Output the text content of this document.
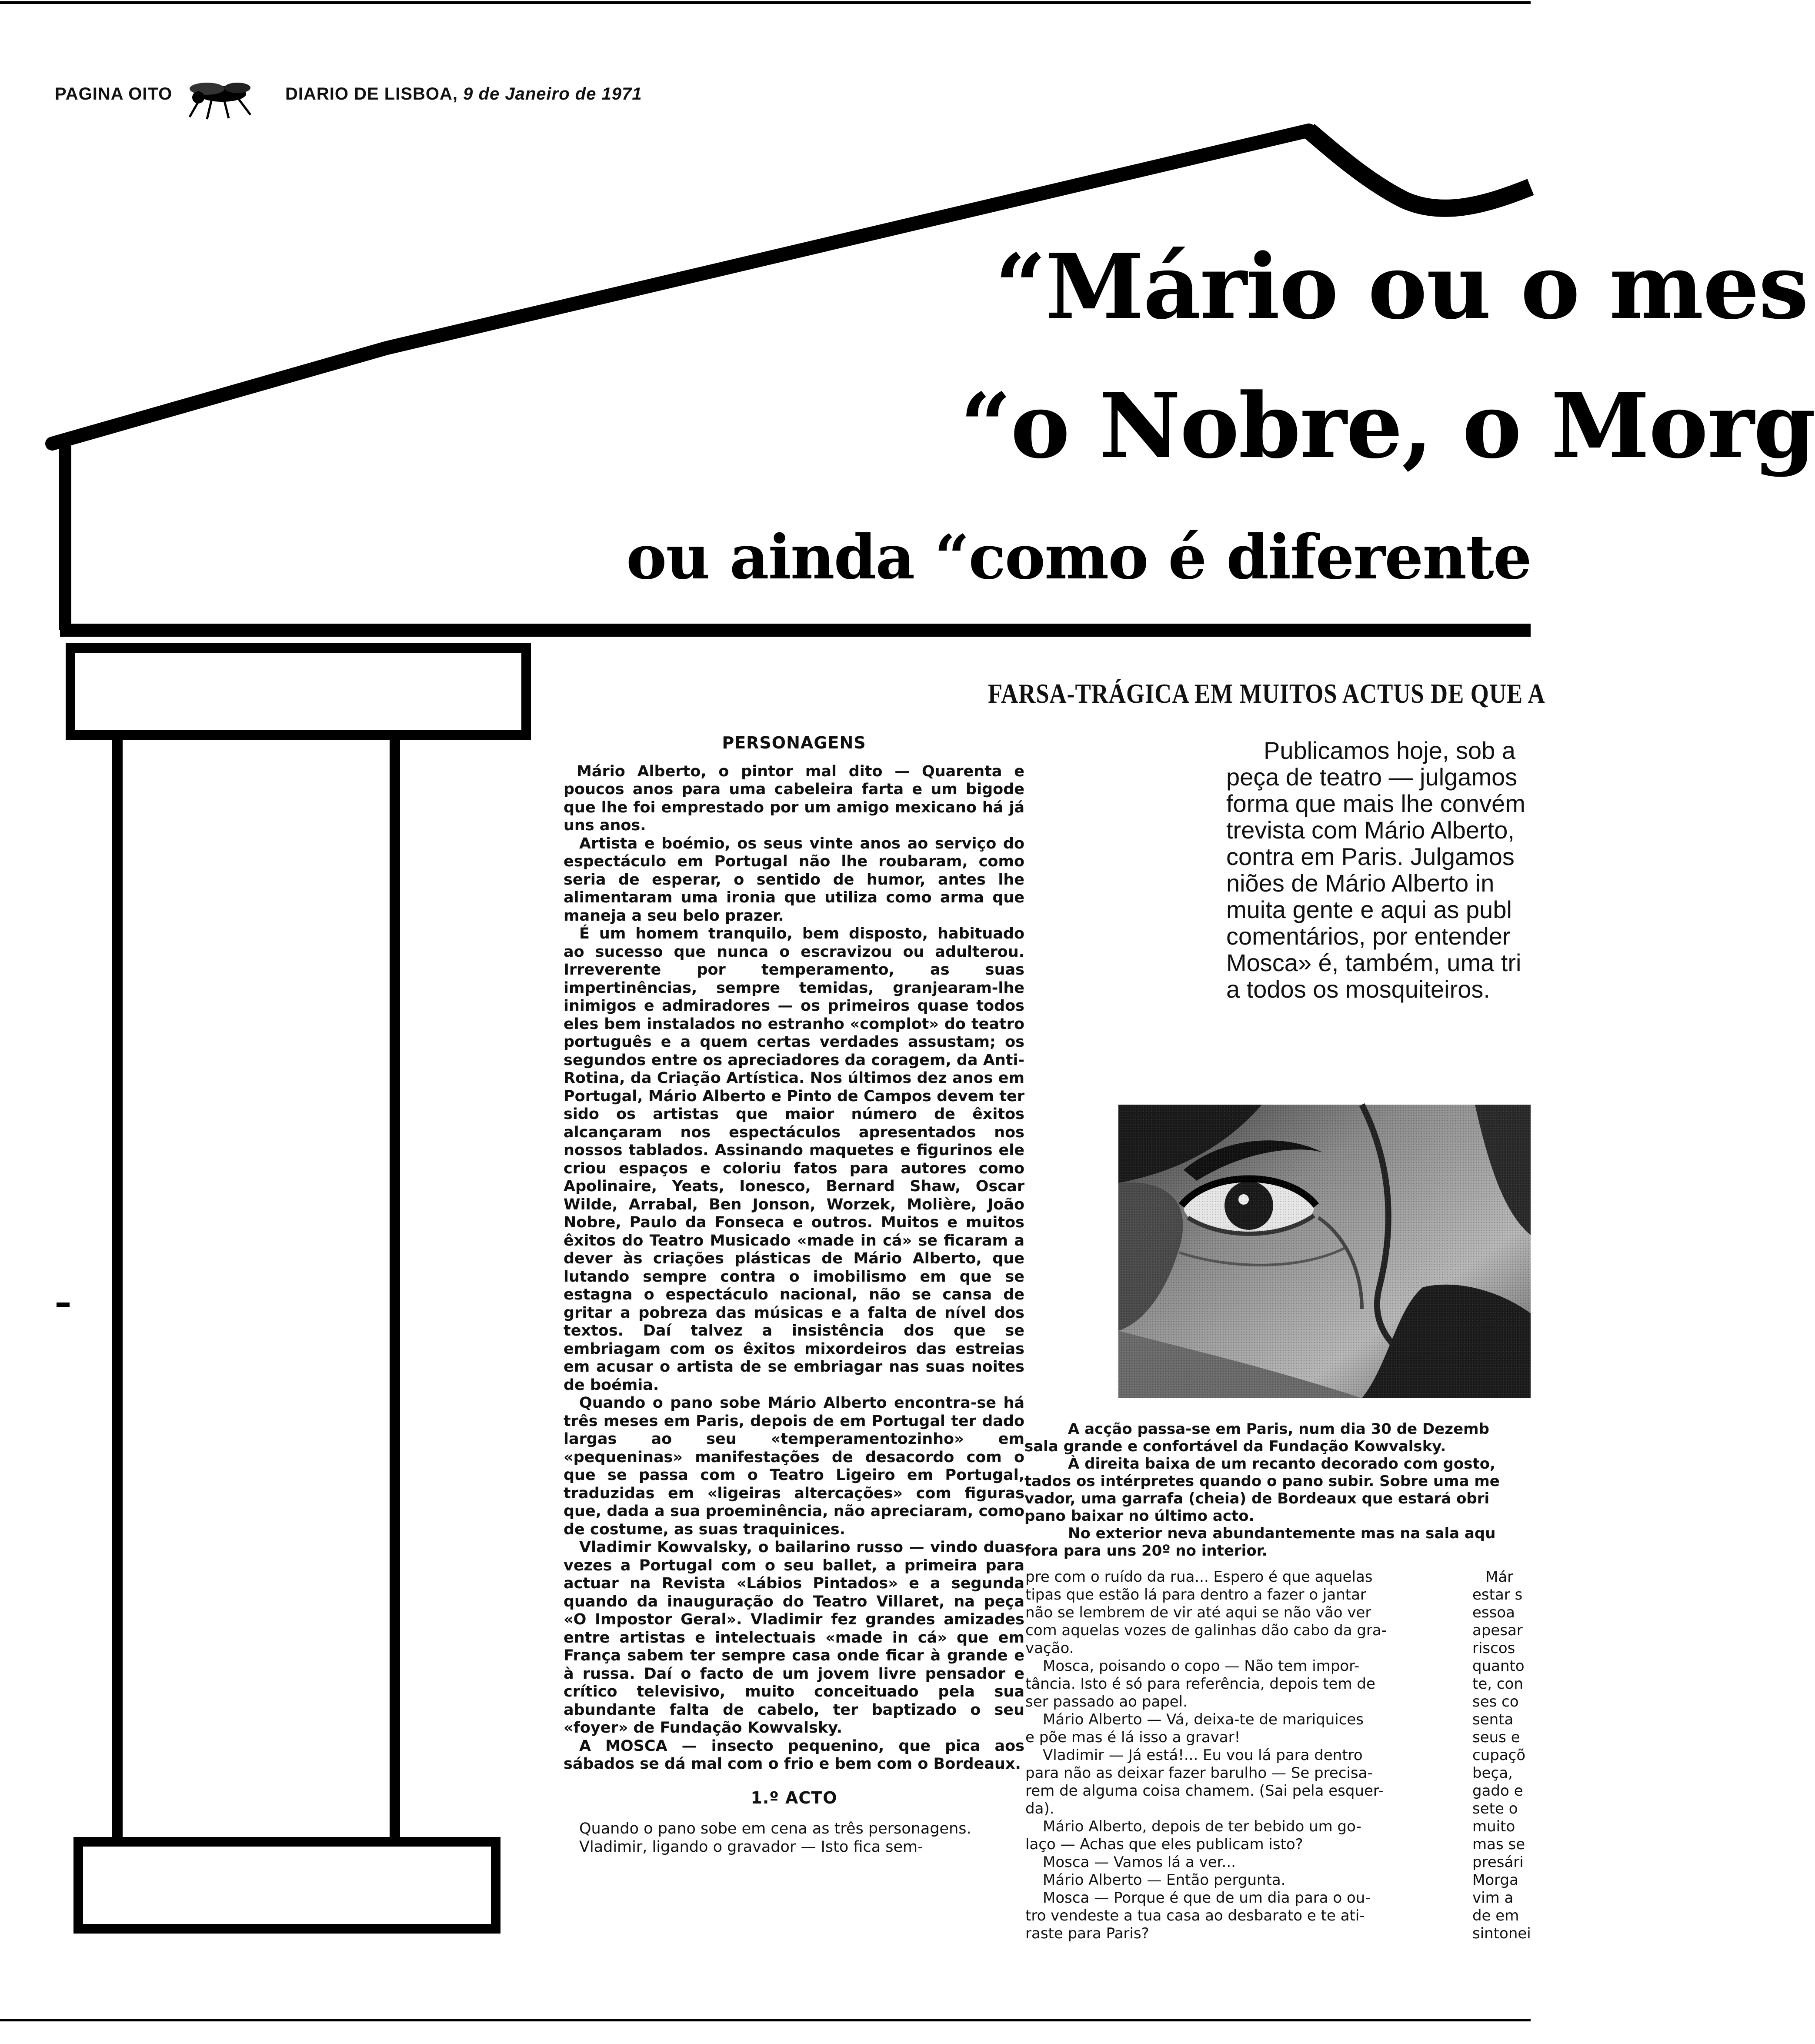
PAGINA OITO	DIARIO DE LISBOA, 9 de Janeiro de 1971
“Mário ou o mes
“o Nobre, o Morg
ou ainda “como é diferente
FARSA-TRÁGICA EM MUITOS ACTUS DE QUE A
PERSONAGENS

Mário Alberto, o pintor mal dito — Quarenta e poucos anos para uma cabeleira farta e um bigode que lhe foi emprestado por um amigo mexicano há já uns anos.

Artista e boémio, os seus vinte anos ao serviço do espectáculo em Portugal não lhe roubaram, como seria de esperar, o sentido de humor, antes lhe alimentaram uma ironia que utiliza como arma que maneja a seu belo prazer.

É um homem tranquilo, bem disposto, habituado ao sucesso que nunca o escravizou ou adulterou. Irreverente por temperamento, as suas impertinências, sempre temidas, granjearam-lhe inimigos e admiradores — os primeiros quase todos eles bem instalados no estranho «complot» do teatro português e a quem certas verdades assustam; os segundos entre os apreciadores da coragem, da Anti-Rotina, da Criação Artística. Nos últimos dez anos em Portugal, Mário Alberto e Pinto de Campos devem ter sido os artistas que maior número de êxitos alcançaram nos espectáculos apresentados nos nossos tablados. Assinando maquetes e figurinos ele criou espaços e coloriu fatos para autores como Apolinaire, Yeats, Ionesco, Bernard Shaw, Oscar Wilde, Arrabal, Ben Jonson, Worzek, Molière, João Nobre, Paulo da Fonseca e outros. Muitos e muitos êxitos do Teatro Musicado «made in cá» se ficaram a dever às criações plásticas de Mário Alberto, que lutando sempre contra o imobilismo em que se estagna o espectáculo nacional, não se cansa de gritar a pobreza das músicas e a falta de nível dos textos. Daí talvez a insistência dos que se embriagam com os êxitos mixordeiros das estreias em acusar o artista de se embriagar nas suas noites de boémia.

Quando o pano sobe Mário Alberto encontra-se há três meses em Paris, depois de em Portugal ter dado largas ao seu «temperamentozinho» em «pequeninas» manifestações de desacordo com o que se passa com o Teatro Ligeiro em Portugal, traduzidas em «ligeiras altercações» com figuras que, dada a sua proeminência, não apreciaram, como de costume, as suas traquinices.

Vladimir Kowvalsky, o bailarino russo — vindo duas vezes a Portugal com o seu ballet, a primeira para actuar na Revista «Lábios Pintados» e a segunda quando da inauguração do Teatro Villaret, na peça «O Impostor Geral». Vladimir fez grandes amizades entre artistas e intelectuais «made in cá» que em França sabem ter sempre casa onde ficar à grande e à russa. Daí o facto de um jovem livre pensador e crítico televisivo, muito conceituado pela sua abundante falta de cabelo, ter baptizado o seu «foyer» de Fundação Kowvalsky.

A MOSCA — insecto pequenino, que pica aos sábados se dá mal com o frio e bem com o Bordeaux.

1.º ACTO

Quando o pano sobe em cena as três personagens.

Vladimir, ligando o gravador — Isto fica sem-

Publicamos hoje, sob a
peça de teatro — julgamos
forma que mais lhe convém
trevista com Mário Alberto,
contra em Paris. Julgamos
niões de Mário Alberto in
muita gente e aqui as publ
comentários, por entender
Mosca» é, também, uma tri
a todos os mosquiteiros.
A acção passa-se em Paris, num dia 30 de Dezemb
sala grande e confortável da Fundação Kowvalsky.
À direita baixa de um recanto decorado com gosto,
tados os intérpretes quando o pano subir. Sobre uma me
vador, uma garrafa (cheia) de Bordeaux que estará obri
pano baixar no último acto.
No exterior neva abundantemente mas na sala aqu
fora para uns 20º no interior.
pre com o ruído da rua... Espero é que aquelas
tipas que estão lá para dentro a fazer o jantar
não se lembrem de vir até aqui se não vão ver
com aquelas vozes de galinhas dão cabo da gra-
vação.
Mosca, poisando o copo — Não tem impor-
tância. Isto é só para referência, depois tem de
ser passado ao papel.
Mário Alberto — Vá, deixa-te de mariquices
e põe mas é lá isso a gravar!
Vladimir — Já está!... Eu vou lá para dentro
para não as deixar fazer barulho — Se precisa-
rem de alguma coisa chamem. (Sai pela esquer-
da).
Mário Alberto, depois de ter bebido um go-
laço — Achas que eles publicam isto?
Mosca — Vamos lá a ver...
Mário Alberto — Então pergunta.
Mosca — Porque é que de um dia para o ou-
tro vendeste a tua casa ao desbarato e te ati-
raste para Paris?
Már
estar s
essoa
apesar
riscos
quanto
te, con
ses co
senta
seus e
cupaçõ
beça,
gado e
sete o
muito
mas se
presári
Morga
vim a
de em
sintonei
